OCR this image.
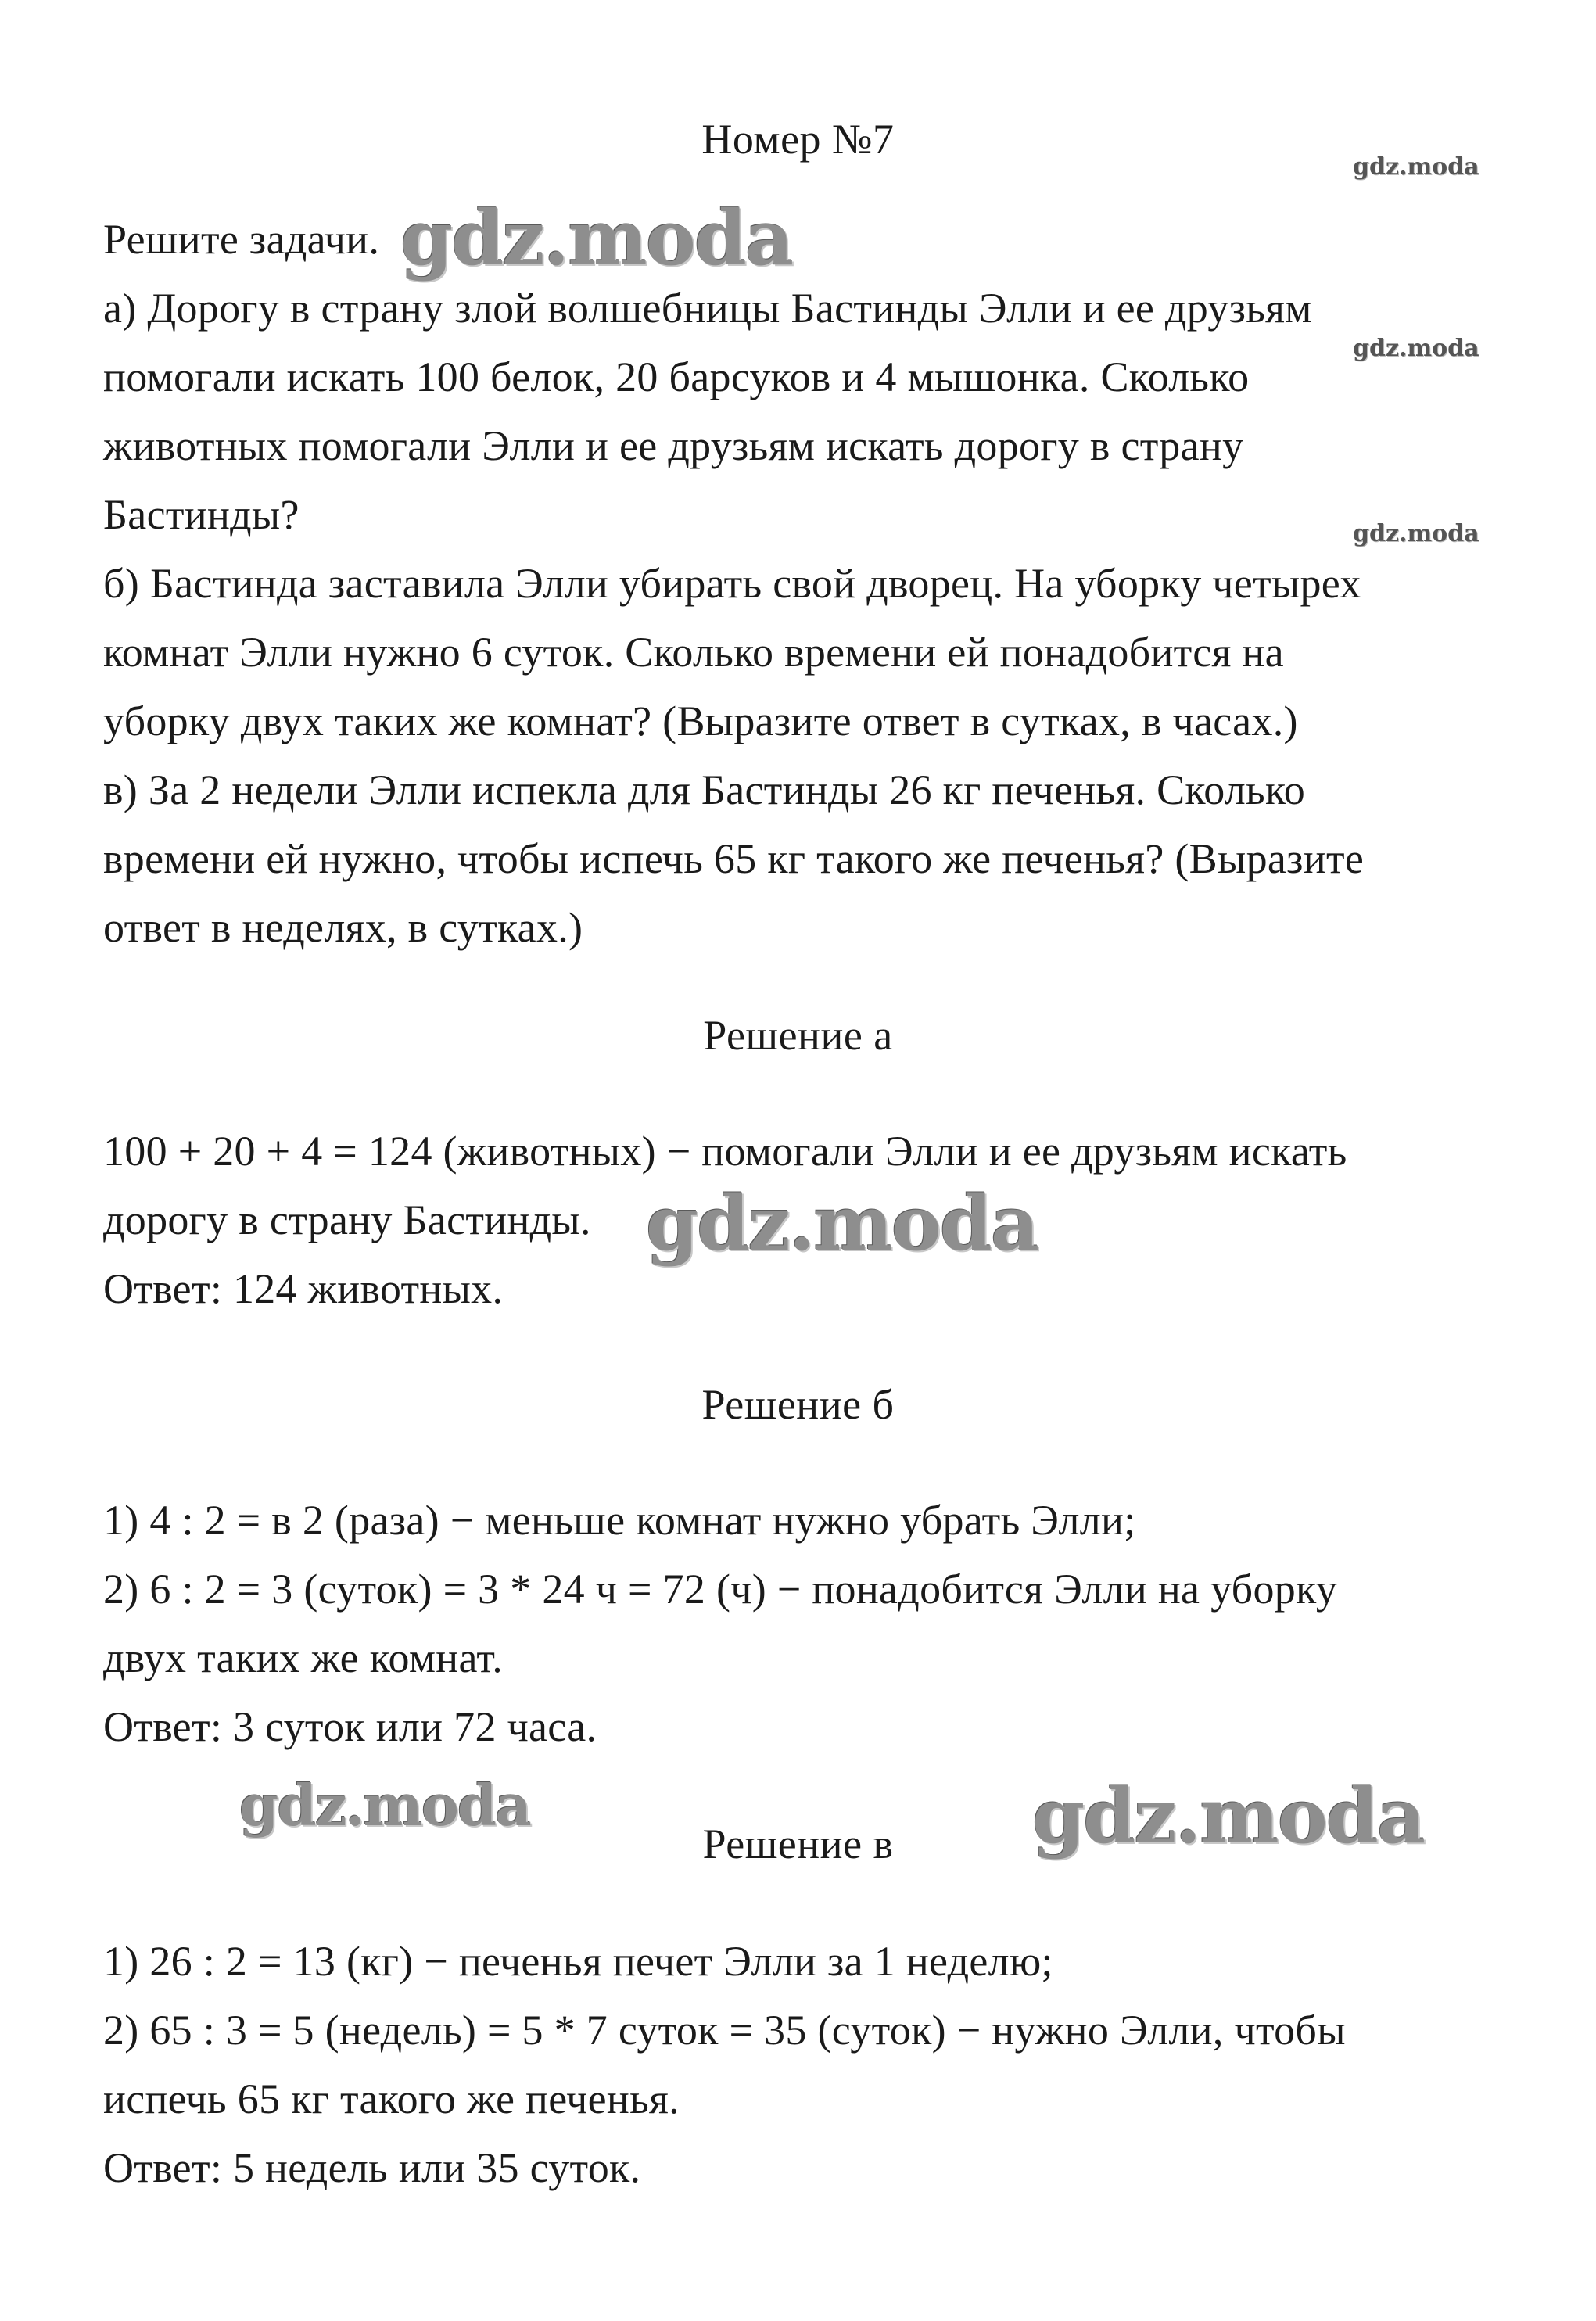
Номер №7
Решите задачи.
а) Дорогу в страну злой волшебницы Бастинды Элли и ее друзьям
помогали искать 100 белок, 20 барсуков и 4 мышонка. Сколько
животных помогали Элли и ее друзьям искать дорогу в страну
Бастинды?
б) Бастинда заставила Элли убирать свой дворец. На уборку четырех
комнат Элли нужно 6 суток. Сколько времени ей понадобится на
уборку двух таких же комнат? (Выразите ответ в сутках, в часах.)
в) За 2 недели Элли испекла для Бастинды 26 кг печенья. Сколько
времени ей нужно, чтобы испечь 65 кг такого же печенья? (Выразите
ответ в неделях, в сутках.)
Решение а
100 + 20 + 4 = 124 (животных) − помогали Элли и ее друзьям искать
дорогу в страну Бастинды.
Ответ: 124 животных.
Решение б
1) 4 : 2 = в 2 (раза) − меньше комнат нужно убрать Элли;
2) 6 : 2 = 3 (суток) = 3 * 24 ч = 72 (ч) − понадобится Элли на уборку
двух таких же комнат.
Ответ: 3 суток или 72 часа.
Решение в
1) 26 : 2 = 13 (кг) − печенья печет Элли за 1 неделю;
2) 65 : 3 = 5 (недель) = 5 * 7 суток = 35 (суток) − нужно Элли, чтобы
испечь 65 кг такого же печенья.
Ответ: 5 недель или 35 суток.
gdz.moda
gdz.moda
gdz.moda
gdz.moda
gdz.moda
gdz.moda	gdz.moda
